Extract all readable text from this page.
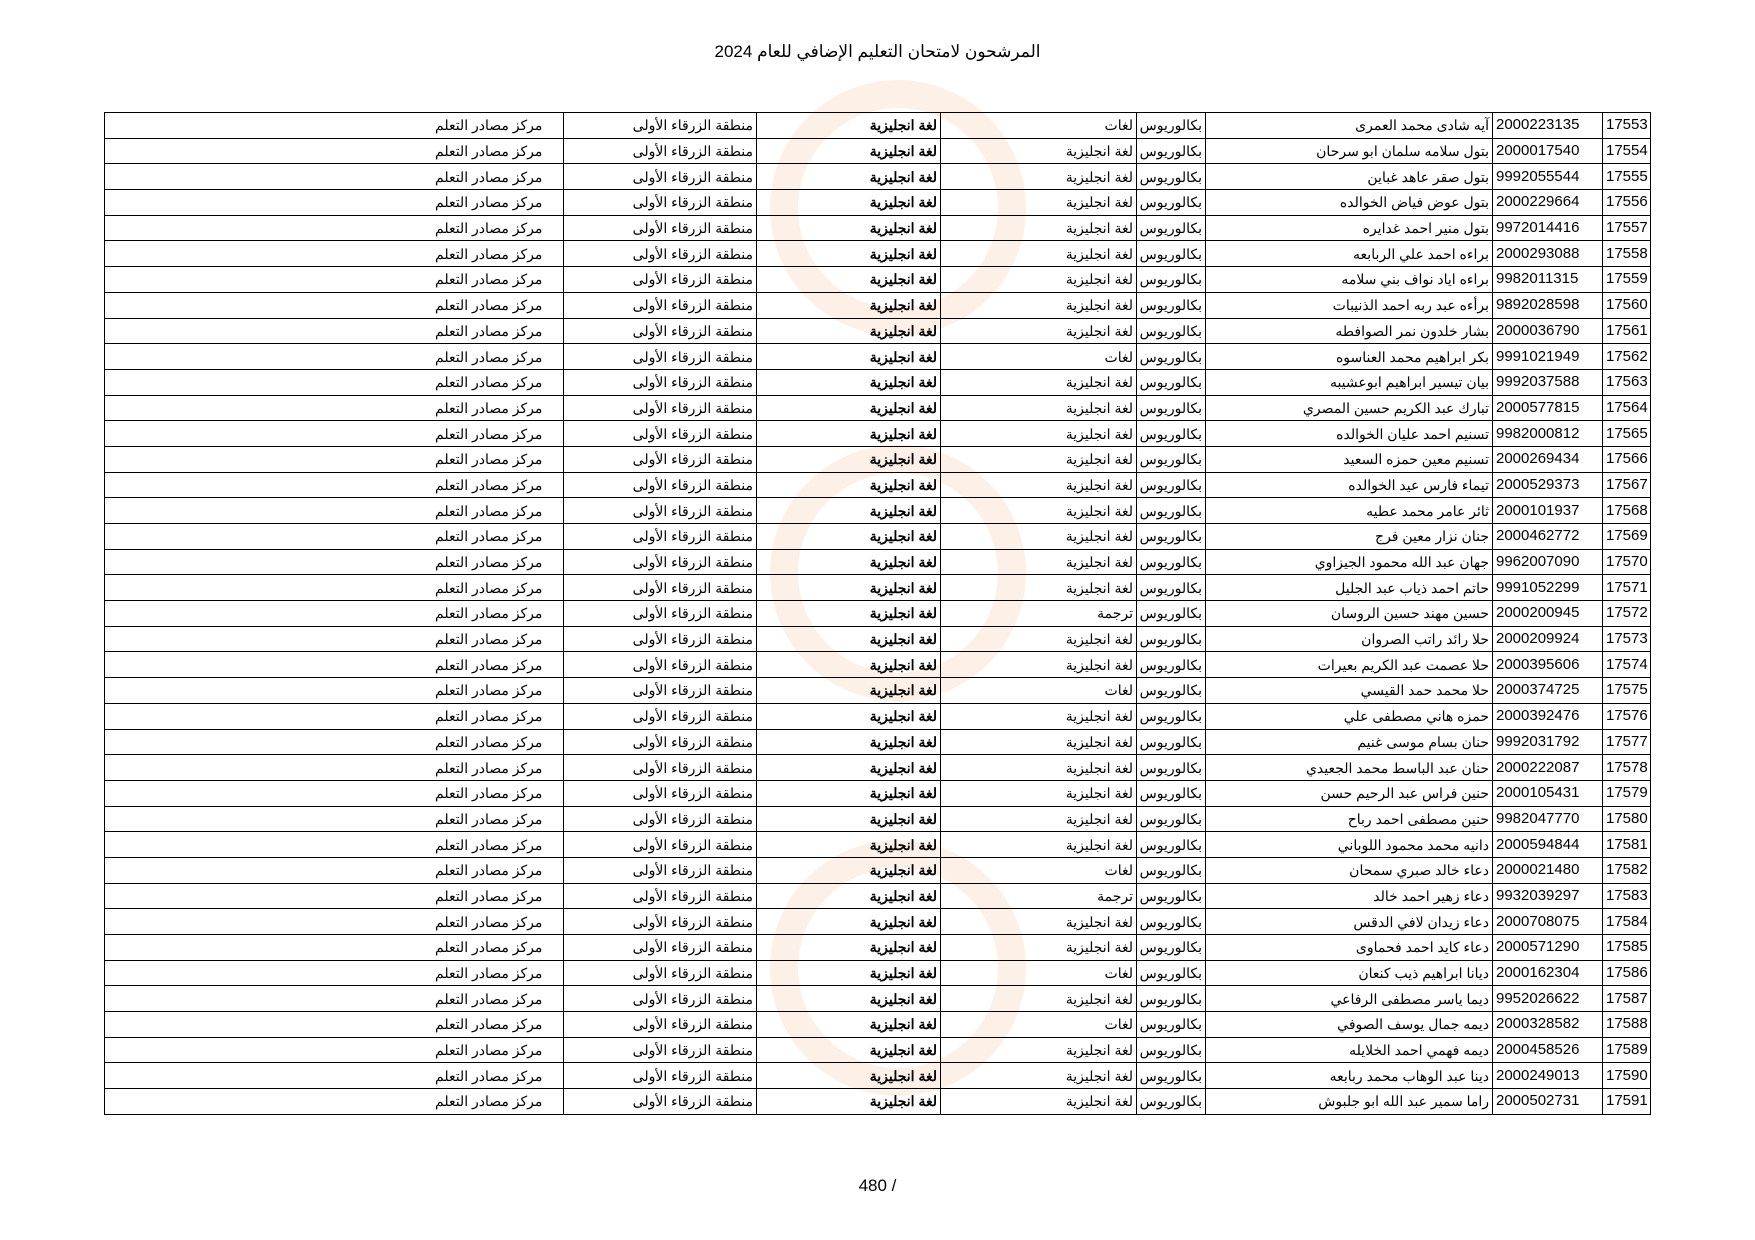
المرشحون لامتحان التعليم الإضافي للعام 2024
17553	2000223135	آيه شادى محمد العمرى	بكالوريوس	لغات	لغة انجليزية	منطقة الزرقاء الأولى	مركز مصادر التعلم
17554	2000017540	بتول سلامه سلمان ابو سرحان	بكالوريوس	لغة انجليزية	لغة انجليزية	منطقة الزرقاء الأولى	مركز مصادر التعلم
17555	9992055544	بتول صقر عاهد غباين	بكالوريوس	لغة انجليزية	لغة انجليزية	منطقة الزرقاء الأولى	مركز مصادر التعلم
17556	2000229664	بتول عوض فياض الخوالده	بكالوريوس	لغة انجليزية	لغة انجليزية	منطقة الزرقاء الأولى	مركز مصادر التعلم
17557	9972014416	بتول منير احمد غدايره	بكالوريوس	لغة انجليزية	لغة انجليزية	منطقة الزرقاء الأولى	مركز مصادر التعلم
17558	2000293088	براءه احمد علي الربابعه	بكالوريوس	لغة انجليزية	لغة انجليزية	منطقة الزرقاء الأولى	مركز مصادر التعلم
17559	9982011315	براءه اياد نواف بني سلامه	بكالوريوس	لغة انجليزية	لغة انجليزية	منطقة الزرقاء الأولى	مركز مصادر التعلم
17560	9892028598	برأءه عبد ربه احمد الذنيبات	بكالوريوس	لغة انجليزية	لغة انجليزية	منطقة الزرقاء الأولى	مركز مصادر التعلم
17561	2000036790	بشار خلدون نمر الصوافطه	بكالوريوس	لغة انجليزية	لغة انجليزية	منطقة الزرقاء الأولى	مركز مصادر التعلم
17562	9991021949	بكر ابراهيم محمد العناسوه	بكالوريوس	لغات	لغة انجليزية	منطقة الزرقاء الأولى	مركز مصادر التعلم
17563	9992037588	بيان تيسير ابراهيم ابوعشيبه	بكالوريوس	لغة انجليزية	لغة انجليزية	منطقة الزرقاء الأولى	مركز مصادر التعلم
17564	2000577815	تبارك عبد الكريم حسين المصري	بكالوريوس	لغة انجليزية	لغة انجليزية	منطقة الزرقاء الأولى	مركز مصادر التعلم
17565	9982000812	تسنيم احمد عليان الخوالده	بكالوريوس	لغة انجليزية	لغة انجليزية	منطقة الزرقاء الأولى	مركز مصادر التعلم
17566	2000269434	تسنيم معين حمزه السعيد	بكالوريوس	لغة انجليزية	لغة انجليزية	منطقة الزرقاء الأولى	مركز مصادر التعلم
17567	2000529373	تيماء فارس عيد الخوالده	بكالوريوس	لغة انجليزية	لغة انجليزية	منطقة الزرقاء الأولى	مركز مصادر التعلم
17568	2000101937	ثائر عامر محمد عطيه	بكالوريوس	لغة انجليزية	لغة انجليزية	منطقة الزرقاء الأولى	مركز مصادر التعلم
17569	2000462772	جنان نزار معين فرج	بكالوريوس	لغة انجليزية	لغة انجليزية	منطقة الزرقاء الأولى	مركز مصادر التعلم
17570	9962007090	جهان عبد الله محمود الجيزاوي	بكالوريوس	لغة انجليزية	لغة انجليزية	منطقة الزرقاء الأولى	مركز مصادر التعلم
17571	9991052299	حاتم احمد ذياب عبد الجليل	بكالوريوس	لغة انجليزية	لغة انجليزية	منطقة الزرقاء الأولى	مركز مصادر التعلم
17572	2000200945	حسين مهند حسين الروسان	بكالوريوس	ترجمة	لغة انجليزية	منطقة الزرقاء الأولى	مركز مصادر التعلم
17573	2000209924	حلا رائد راتب الصروان	بكالوريوس	لغة انجليزية	لغة انجليزية	منطقة الزرقاء الأولى	مركز مصادر التعلم
17574	2000395606	حلا عصمت عبد الكريم بعيرات	بكالوريوس	لغة انجليزية	لغة انجليزية	منطقة الزرقاء الأولى	مركز مصادر التعلم
17575	2000374725	حلا محمد حمد القيسي	بكالوريوس	لغات	لغة انجليزية	منطقة الزرقاء الأولى	مركز مصادر التعلم
17576	2000392476	حمزه هاني مصطفى علي	بكالوريوس	لغة انجليزية	لغة انجليزية	منطقة الزرقاء الأولى	مركز مصادر التعلم
17577	9992031792	حنان بسام موسى غنيم	بكالوريوس	لغة انجليزية	لغة انجليزية	منطقة الزرقاء الأولى	مركز مصادر التعلم
17578	2000222087	حنان عبد الباسط محمد الجعيدي	بكالوريوس	لغة انجليزية	لغة انجليزية	منطقة الزرقاء الأولى	مركز مصادر التعلم
17579	2000105431	حنين فراس عبد الرحيم حسن	بكالوريوس	لغة انجليزية	لغة انجليزية	منطقة الزرقاء الأولى	مركز مصادر التعلم
17580	9982047770	حنين مصطفى احمد رباح	بكالوريوس	لغة انجليزية	لغة انجليزية	منطقة الزرقاء الأولى	مركز مصادر التعلم
17581	2000594844	دانيه محمد محمود اللوباني	بكالوريوس	لغة انجليزية	لغة انجليزية	منطقة الزرقاء الأولى	مركز مصادر التعلم
17582	2000021480	دعاء خالد صبري سمحان	بكالوريوس	لغات	لغة انجليزية	منطقة الزرقاء الأولى	مركز مصادر التعلم
17583	9932039297	دعاء زهير احمد خالد	بكالوريوس	ترجمة	لغة انجليزية	منطقة الزرقاء الأولى	مركز مصادر التعلم
17584	2000708075	دعاء زيدان لافي الدقس	بكالوريوس	لغة انجليزية	لغة انجليزية	منطقة الزرقاء الأولى	مركز مصادر التعلم
17585	2000571290	دعاء كايد احمد فحماوى	بكالوريوس	لغة انجليزية	لغة انجليزية	منطقة الزرقاء الأولى	مركز مصادر التعلم
17586	2000162304	ديانا ابراهيم ذيب كنعان	بكالوريوس	لغات	لغة انجليزية	منطقة الزرقاء الأولى	مركز مصادر التعلم
17587	9952026622	ديما ياسر مصطفى الرفاعي	بكالوريوس	لغة انجليزية	لغة انجليزية	منطقة الزرقاء الأولى	مركز مصادر التعلم
17588	2000328582	ديمه جمال يوسف الصوفي	بكالوريوس	لغات	لغة انجليزية	منطقة الزرقاء الأولى	مركز مصادر التعلم
17589	2000458526	ديمه فهمي احمد الخلايله	بكالوريوس	لغة انجليزية	لغة انجليزية	منطقة الزرقاء الأولى	مركز مصادر التعلم
17590	2000249013	دينا عبد الوهاب محمد ربابعه	بكالوريوس	لغة انجليزية	لغة انجليزية	منطقة الزرقاء الأولى	مركز مصادر التعلم
17591	2000502731	راما سمير عبد الله ابو جلبوش	بكالوريوس	لغة انجليزية	لغة انجليزية	منطقة الزرقاء الأولى	مركز مصادر التعلم
480 /
